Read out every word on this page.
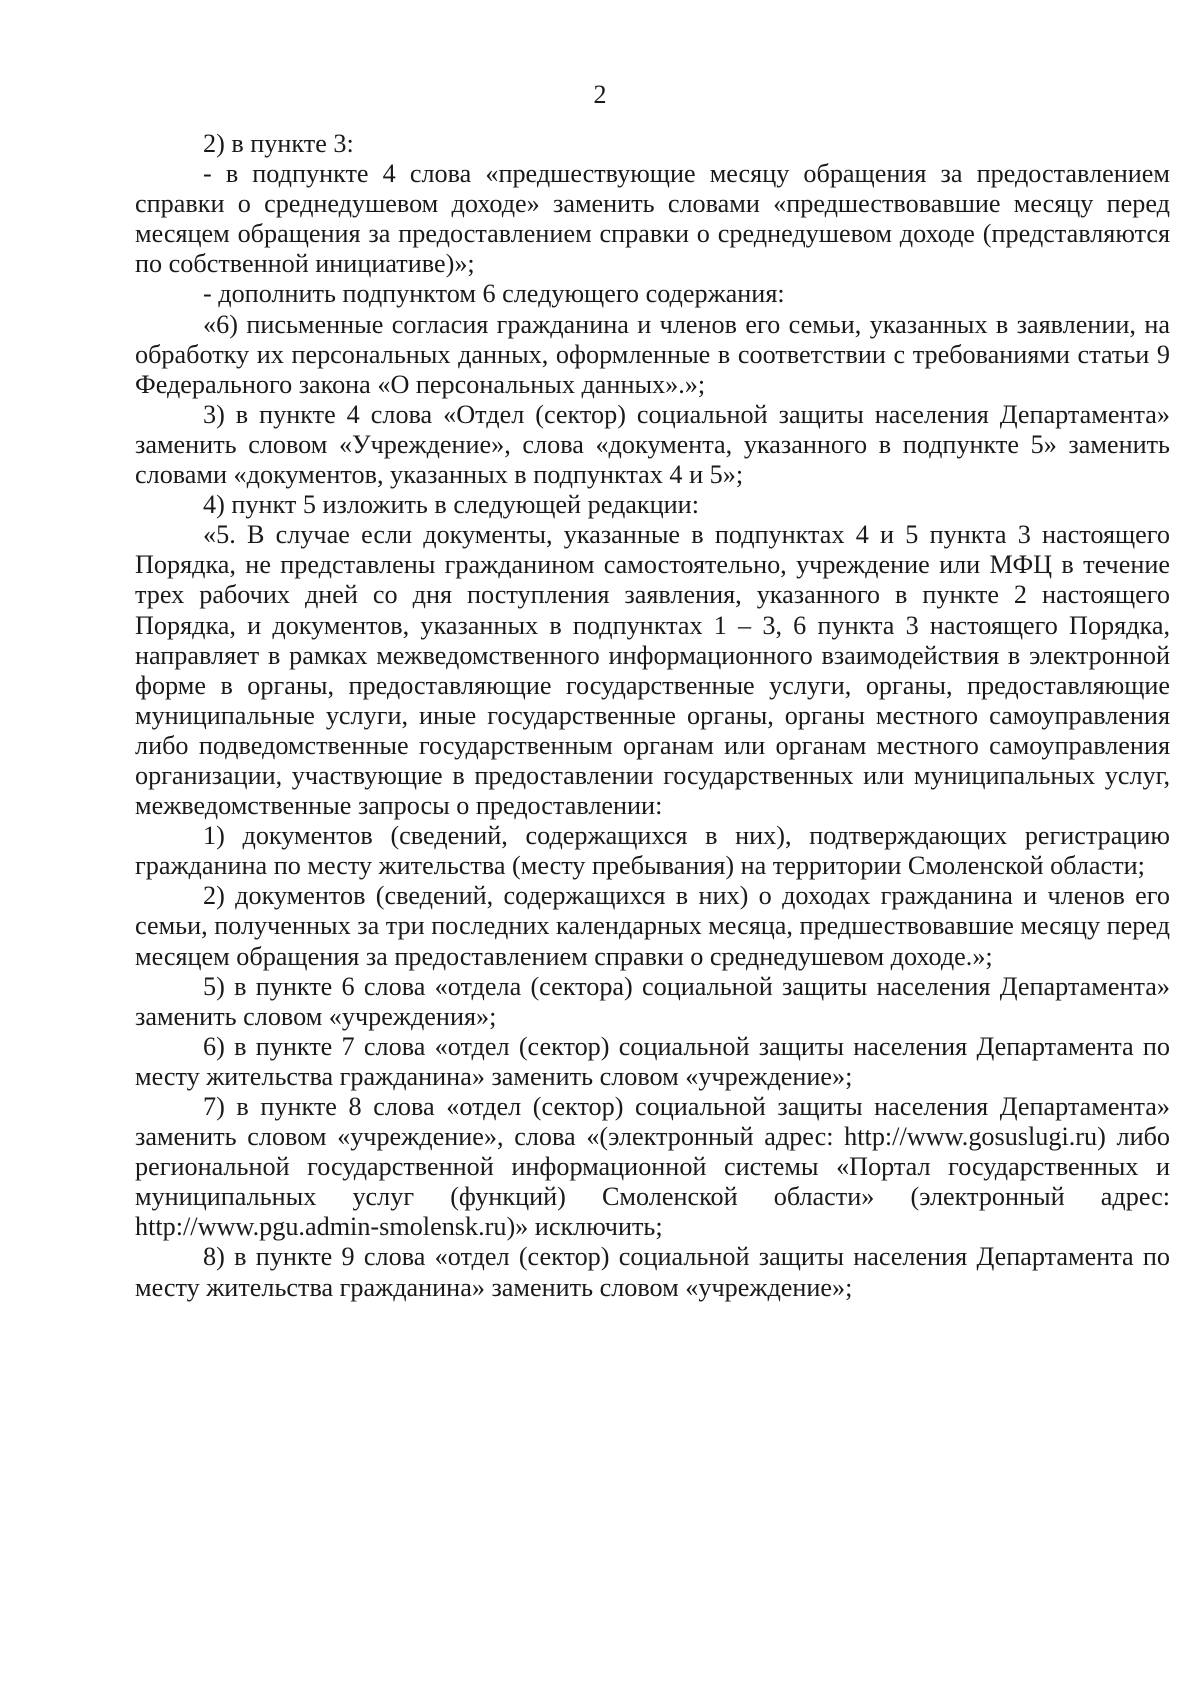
2

2) в пункте 3:

- в подпункте 4 слова «предшествующие месяцу обращения за предоставлением справки о среднедушевом доходе» заменить словами «предшествовавшие месяцу перед месяцем обращения за предоставлением справки о среднедушевом доходе (представляются по собственной инициативе)»;

- дополнить подпунктом 6 следующего содержания:

«6) письменные согласия гражданина и членов его семьи, указанных в заявлении, на обработку их персональных данных, оформленные в соответствии с требованиями статьи 9 Федерального закона «О персональных данных».»;

3) в пункте 4 слова «Отдел (сектор) социальной защиты населения Департамента» заменить словом «Учреждение», слова «документа, указанного в подпункте 5» заменить словами «документов, указанных в подпунктах 4 и 5»;

4) пункт 5 изложить в следующей редакции:

«5. В случае если документы, указанные в подпунктах 4 и 5 пункта 3 настоящего Порядка, не представлены гражданином самостоятельно, учреждение или МФЦ в течение трех рабочих дней со дня поступления заявления, указанного в пункте 2 настоящего Порядка, и документов, указанных в подпунктах 1 – 3, 6 пункта 3 настоящего Порядка, направляет в рамках межведомственного информационного взаимодействия в электронной форме в органы, предоставляющие государственные услуги, органы, предоставляющие муниципальные услуги, иные государственные органы, органы местного самоуправления либо подведомственные государственным органам или органам местного самоуправления организации, участвующие в предоставлении государственных или муниципальных услуг, межведомственные запросы о предоставлении:

1) документов (сведений, содержащихся в них), подтверждающих регистрацию гражданина по месту жительства (месту пребывания) на территории Смоленской области;

2) документов (сведений, содержащихся в них) о доходах гражданина и членов его семьи, полученных за три последних календарных месяца, предшествовавшие месяцу перед месяцем обращения за предоставлением справки о среднедушевом доходе.»;

5) в пункте 6 слова «отдела (сектора) социальной защиты населения Департамента» заменить словом «учреждения»;

6) в пункте 7 слова «отдел (сектор) социальной защиты населения Департамента по месту жительства гражданина» заменить словом «учреждение»;

7) в пункте 8 слова «отдел (сектор) социальной защиты населения Департамента» заменить словом «учреждение», слова «(электронный адрес: http://www.gosuslugi.ru) либо региональной государственной информационной системы «Портал государственных и муниципальных услуг (функций) Смоленской области» (электронный адрес: http://www.pgu.admin-smolensk.ru)» исключить;

8) в пункте 9 слова «отдел (сектор) социальной защиты населения Департамента по месту жительства гражданина» заменить словом «учреждение»;
